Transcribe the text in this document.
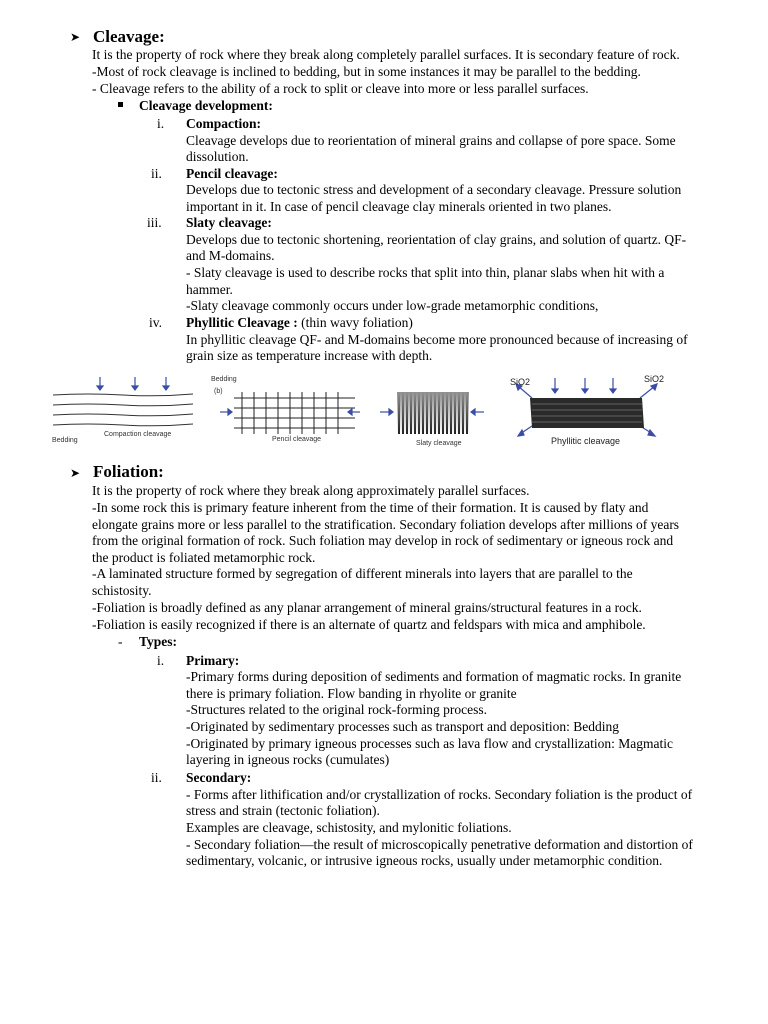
➤ Cleavage:
It is the property of rock where they break along completely parallel surfaces. It is secondary feature of rock.
-Most of rock cleavage is inclined to bedding, but in some instances it may be parallel to the bedding.
- Cleavage refers to the ability of a rock to split or cleave into more or less parallel surfaces.
Cleavage development:
i. Compaction:
Cleavage develops due to reorientation of mineral grains and collapse of pore space. Some
dissolution.
ii. Pencil cleavage:
Develops due to tectonic stress and development of a secondary cleavage. Pressure solution
important in it. In case of pencil cleavage clay minerals oriented in two planes.
iii. Slaty cleavage:
Develops due to tectonic shortening, reorientation of clay grains, and solution of quartz. QF-
and M-domains.
- Slaty cleavage is used to describe rocks that split into thin, planar slabs when hit with a
hammer.
-Slaty cleavage commonly occurs under low-grade metamorphic conditions,
iv. Phyllitic Cleavage : (thin wavy foliation)
In phyllitic cleavage QF- and M-domains become more pronounced because of increasing of
grain size as temperature increase with depth.
Bedding
Compaction cleavage
Bedding
(b)
Pencil cleavage
Slaty cleavage
SiO2	SiO2
Phyllitic cleavage
➤ Foliation:
It is the property of rock where they break along approximately parallel surfaces.
-In some rock this is primary feature inherent from the time of their formation. It is caused by flaty and
elongate grains more or less parallel to the stratification. Secondary foliation develops after millions of years
from the original formation of rock. Such foliation may develop in rock of sedimentary or igneous rock and
the product is foliated metamorphic rock.
-A laminated structure formed by segregation of different minerals into layers that are parallel to the
schistosity.
-Foliation is broadly defined as any planar arrangement of mineral grains/structural features in a rock.
-Foliation is easily recognized if there is an alternate of quartz and feldspars with mica and amphibole.
- Types:
i. Primary:
-Primary forms during deposition of sediments and formation of magmatic rocks. In granite
there is primary foliation. Flow banding in rhyolite or granite
-Structures related to the original rock-forming process.
-Originated by sedimentary processes such as transport and deposition: Bedding
-Originated by primary igneous processes such as lava flow and crystallization: Magmatic
layering in igneous rocks (cumulates)
ii. Secondary:
- Forms after lithification and/or crystallization of rocks. Secondary foliation is the product of
stress and strain (tectonic foliation).
Examples are cleavage, schistosity, and mylonitic foliations.
- Secondary foliation—the result of microscopically penetrative deformation and distortion of
sedimentary, volcanic, or intrusive igneous rocks, usually under metamorphic condition.
